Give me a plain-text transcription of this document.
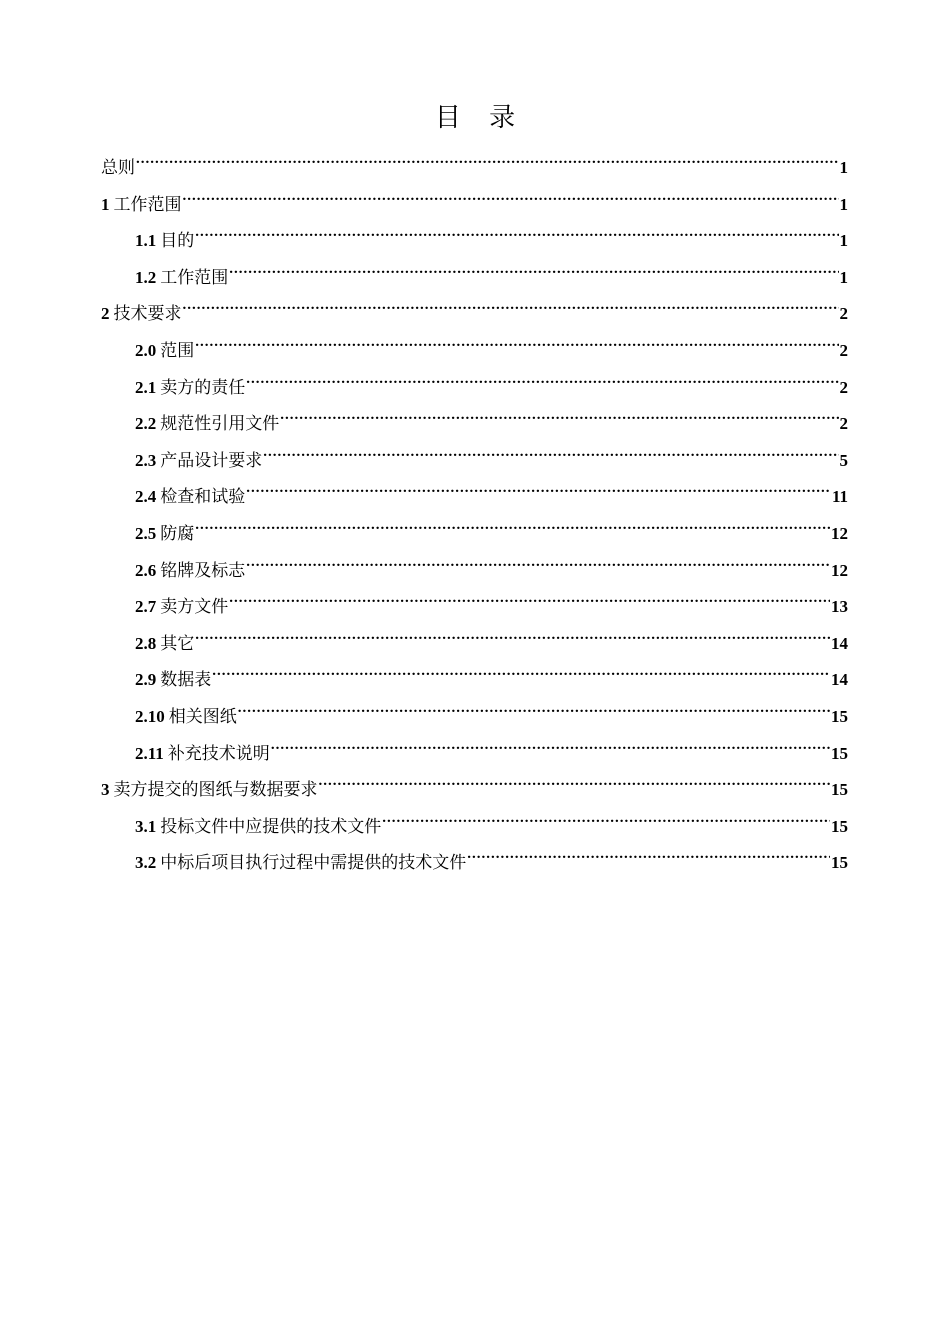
目 录
总则 .....	1
1 工作范围 .....	1
1.1 目的 .....	1
1.2 工作范围 .....	1
2 技术要求 .....	2
2.0 范围 .....	2
2.1 卖方的责任 .....	2
2.2 规范性引用文件 .....	2
2.3 产品设计要求 .....	5
2.4 检查和试验 .....	11
2.5 防腐 .....	12
2.6 铭牌及标志 .....	12
2.7 卖方文件 .....	13
2.8 其它 .....	14
2.9 数据表 .....	14
2.10 相关图纸 .....	15
2.11 补充技术说明 .....	15
3 卖方提交的图纸与数据要求 .....	15
3.1 投标文件中应提供的技术文件 .....	15
3.2 中标后项目执行过程中需提供的技术文件 .....	15
